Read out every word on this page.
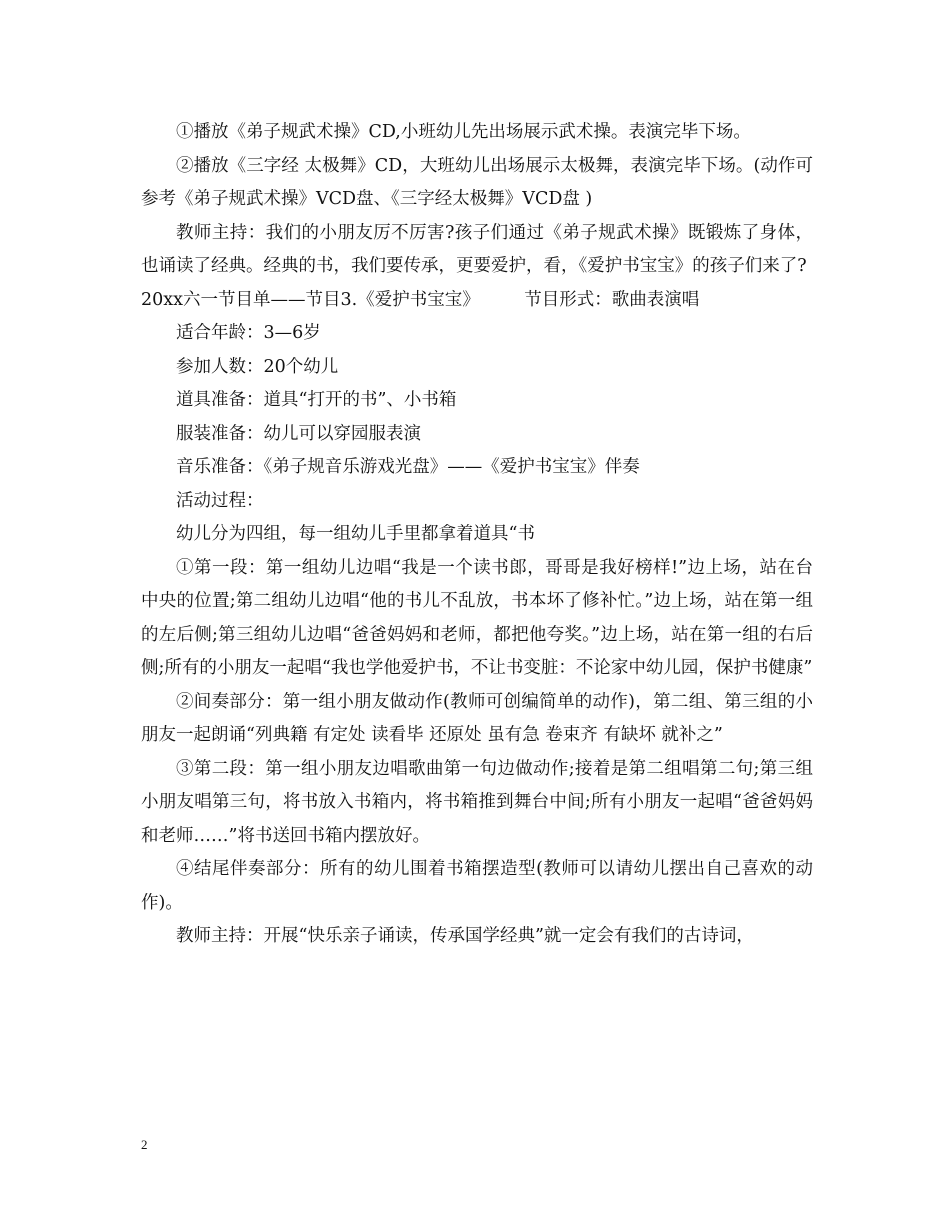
①播放《弟子规武术操》CD,小班幼儿先出场展示武术操。表演完毕下场。

②播放《三字经 太极舞》CD，大班幼儿出场展示太极舞，表演完毕下场。(动作可参考《弟子规武术操》VCD盘、《三字经太极舞》VCD盘 )

教师主持：我们的小朋友厉不厉害?孩子们通过《弟子规武术操》既锻炼了身体，也诵读了经典。经典的书，我们要传承，更要爱护，看，《爱护书宝宝》的孩子们来了?

20xx六一节目单——节目3.《爱护书宝宝》        节目形式：歌曲表演唱

适合年龄：3—6岁

参加人数：20个幼儿

道具准备：道具“打开的书”、小书箱

服装准备：幼儿可以穿园服表演

音乐准备：《弟子规音乐游戏光盘》——《爱护书宝宝》伴奏

活动过程：

幼儿分为四组，每一组幼儿手里都拿着道具“书

①第一段：第一组幼儿边唱“我是一个读书郎，哥哥是我好榜样!”边上场，站在台中央的位置;第二组幼儿边唱“他的书儿不乱放，书本坏了修补忙。”边上场，站在第一组的左后侧;第三组幼儿边唱“爸爸妈妈和老师，都把他夸奖。”边上场，站在第一组的右后侧;所有的小朋友一起唱“我也学他爱护书，不让书变脏：不论家中幼儿园，保护书健康”

②间奏部分：第一组小朋友做动作(教师可创编简单的动作)，第二组、第三组的小朋友一起朗诵“列典籍 有定处 读看毕 还原处 虽有急 卷束齐 有缺坏 就补之”

③第二段：第一组小朋友边唱歌曲第一句边做动作;接着是第二组唱第二句;第三组小朋友唱第三句，将书放入书箱内，将书箱推到舞台中间;所有小朋友一起唱“爸爸妈妈和老师……”将书送回书箱内摆放好。

④结尾伴奏部分：所有的幼儿围着书箱摆造型(教师可以请幼儿摆出自己喜欢的动作)。

教师主持：开展“快乐亲子诵读，传承国学经典”就一定会有我们的古诗词，

2
